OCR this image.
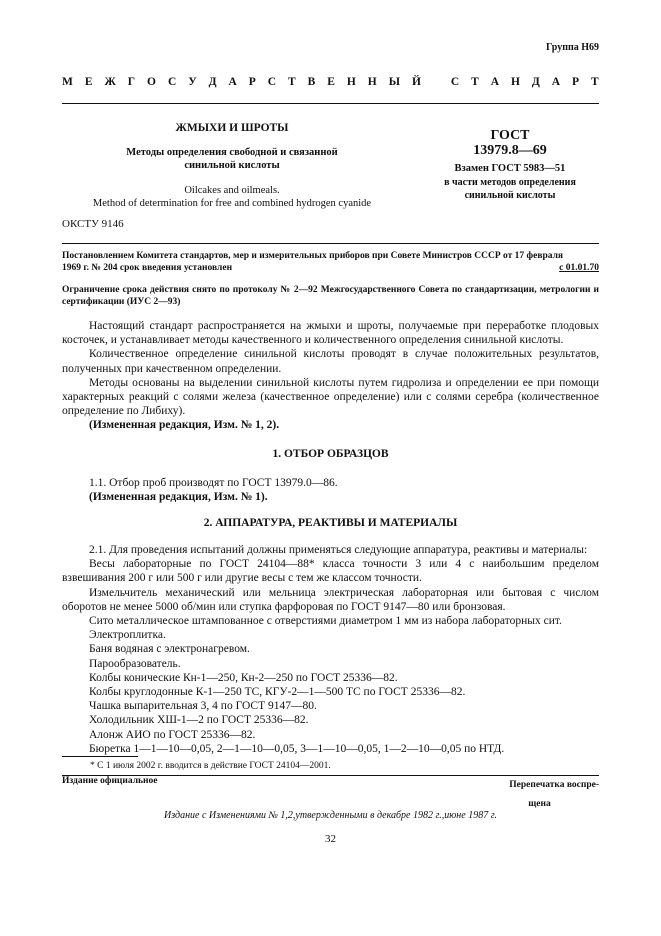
Группа Н69
М Е Ж Г О С У Д А Р С Т В Е Н Н Ы Й	С Т А Н Д А Р Т
ЖМЫХИ И ШРОТЫ
Методы определения свободной и связанной
синильной кислоты
Oilcakes and oilmeals.
Method of determination for free and combined hydrogen cyanide
ОКСТУ 9146
ГОСТ
13979.8—69
Взамен ГОСТ 5983—51
в части методов определения
синильной кислоты
Постановлением Комитета стандартов, мер и измерительных приборов при Совете Министров СССР от 17 февраля
1969 г. № 204 срок введения установлен	с 01.01.70
Ограничение срока действия снято по протоколу № 2—92 Межгосударственного Совета по стандартизации, метрологии и сертификации (ИУС 2—93)

Настоящий стандарт распространяется на жмыхи и шроты, получаемые при переработке плодовых косточек, и устанавливает методы качественного и количественного определения синильной кислоты.

Количественное определение синильной кислоты проводят в случае положительных результатов, полученных при качественном определении.

Методы основаны на выделении синильной кислоты путем гидролиза и определении ее при помощи характерных реакций с солями железа (качественное определение) или с солями серебра (количественное определение по Либиху).

(Измененная редакция, Изм. № 1, 2).

1. ОТБОР ОБРАЗЦОВ

1.1. Отбор проб производят по ГОСТ 13979.0—86.

(Измененная редакция, Изм. № 1).

2. АППАРАТУРА, РЕАКТИВЫ И МАТЕРИАЛЫ

2.1. Для проведения испытаний должны применяться следующие аппаратура, реактивы и материалы:

Весы лабораторные по ГОСТ 24104—88* класса точности 3 или 4 с наибольшим пределом взвешивания 200 г или 500 г или другие весы с тем же классом точности.

Измельчитель механический или мельница электрическая лабораторная или бытовая с числом оборотов не менее 5000 об/мин или ступка фарфоровая по ГОСТ 9147—80 или бронзовая.

Сито металлическое штампованное с отверстиями диаметром 1 мм из набора лабораторных сит.

Электроплитка.

Баня водяная с электронагревом.

Парообразователь.

Колбы конические Кн-1—250, Кн-2—250 по ГОСТ 25336—82.

Колбы круглодонные К-1—250 ТС, КГУ-2—1—500 ТС по ГОСТ 25336—82.

Чашка выпарительная 3, 4 по ГОСТ 9147—80.

Холодильник ХШ-1—2 по ГОСТ 25336—82.

Алонж АИО по ГОСТ 25336—82.

Бюретка 1—1—10—0,05, 2—1—10—0,05, 3—1—10—0,05, 1—2—10—0,05 по НТД.

* С 1 июля 2002 г. вводится в действие ГОСТ 24104—2001.
Издание официальное	Перепечатка воспре-
щена
Издание с Изменениями № 1,2,утвержденными в декабре 1982 г.,июне 1987 г.
32
